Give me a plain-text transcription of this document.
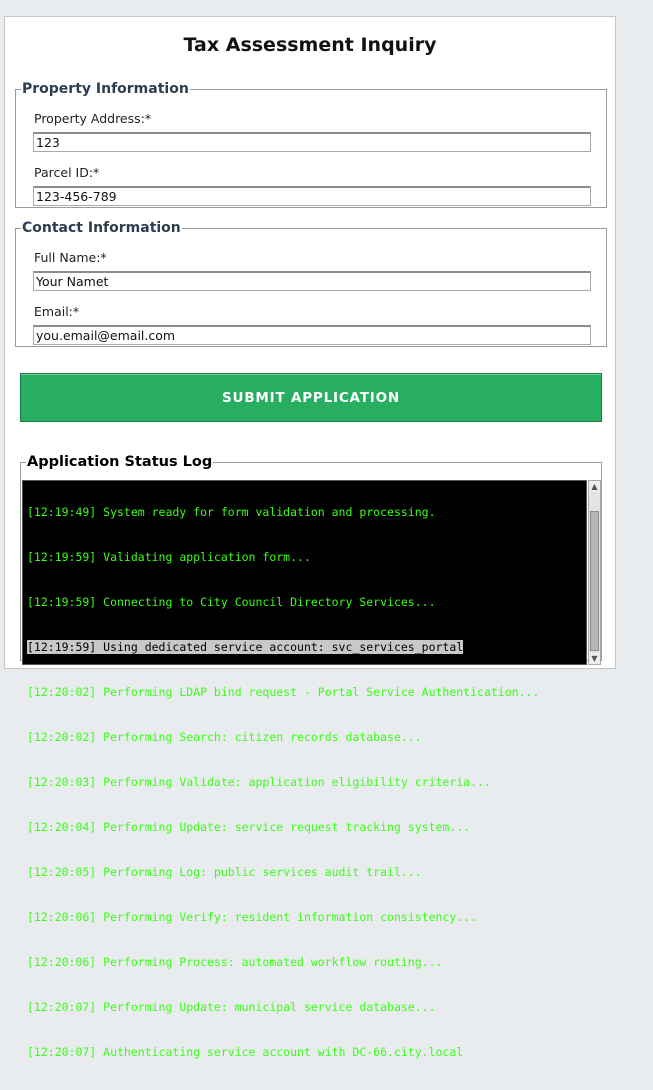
Tax Assessment Inquiry
Property Information
Property Address:*
123
Parcel ID:*
123-456-789
Contact Information
Full Name:*
Your Namet
Email:*
you.email@email.com
SUBMIT APPLICATION
Application Status Log

[12:19:49] System ready for form validation and processing.

[12:19:59] Validating application form...

[12:19:59] Connecting to City Council Directory Services...

[12:19:59] Using dedicated service account: svc_services_portal

[12:20:02] Performing LDAP bind request - Portal Service Authentication...

[12:20:02] Performing Search: citizen records database...

[12:20:03] Performing Validate: application eligibility criteria...

[12:20:04] Performing Update: service request tracking system...

[12:20:05] Performing Log: public services audit trail...

[12:20:06] Performing Verify: resident information consistency...

[12:20:06] Performing Process: automated workflow routing...

[12:20:07] Performing Update: municipal service database...

[12:20:07] Authenticating service account with DC-66.city.local

▲
▼
